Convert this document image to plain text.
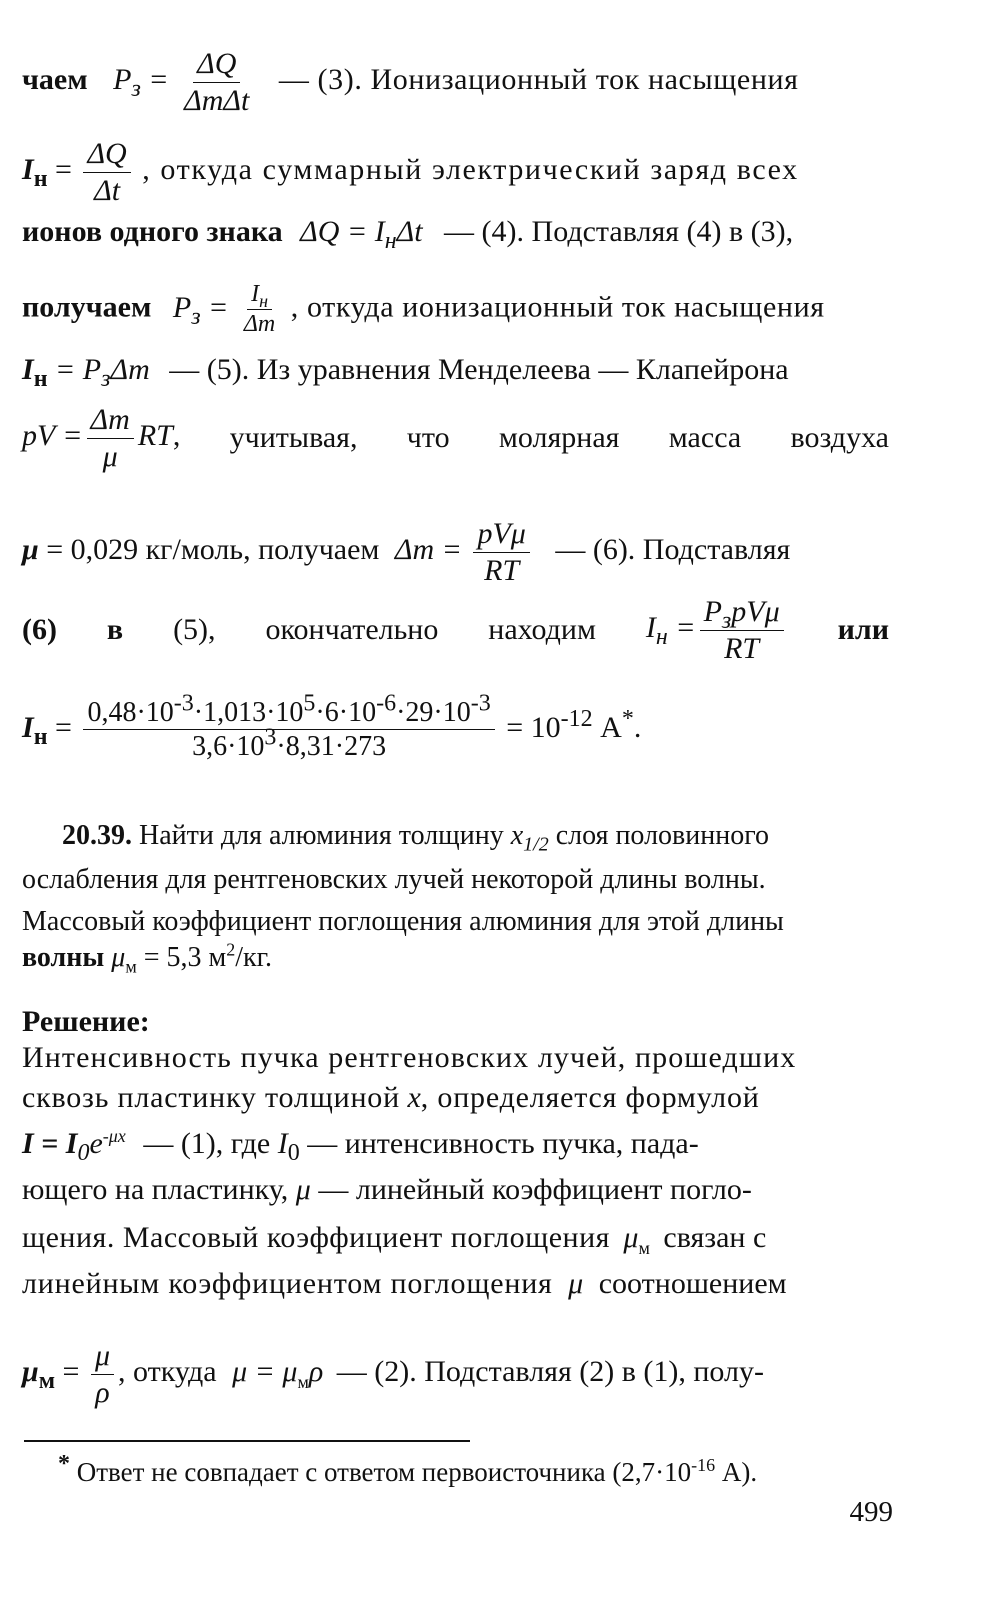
чаем $P_з = \Delta Q$
ΔmΔt
— (3). Ионизационный ток насыщения
$I_н = \frac{\Delta Q}{\Delta t}$ , откуда суммарный электрический заряд всех
ионов одного знака $\Delta Q = I_н\Delta t$ — (4). Подставляя (4) в (3),
получаем $P_з = I_н$
Δm
, откуда ионизационный ток насыщения
$I_н = P_з\Delta m$ — (5). Из уравнения Менделеева — Клапейрона
pV = $\frac{\Delta m}{\mu}$ RT, учитывая, что молярная масса воздуха
μ = 0,029 кг/моль, получаем Δm = pVμ
RT
— (6). Подставляя
(6) в (5), окончательно находим $I_н = P_зpV\mu$
RT
или
$I_н = \frac{0,48\cdot 10^{-3}\cdot 1,013\cdot 10^5\cdot 6\cdot 10^{-6}\cdot 29\cdot 10^{-3}}{3,6\cdot 10^3\cdot 8,31\cdot 273} = 10^{-12}$ А*.
20.39. Найти для алюминия толщину $x_{1/2}$ слоя половинного
ослабления для рентгеновских лучей некоторой длины волны.
Массовый коэффициент поглощения алюминия для этой длины
волны $\mu_м = 5,3$ $м^2/кг$.
Решение:
Интенсивность пучка рентгеновских лучей, прошедших
сквозь пластинку толщиной x, определяется формулой
$I = I_0e^{-\mu x}$ — (1), где $I_0$ — интенсивность пучка, пада-
ющего на пластинку, μ — линейный коэффициент погло-
щения. Массовый коэффициент поглощения $\mu_м$ связан с
линейным коэффициентом поглощения μ соотношением
$\mu_м = \frac{\mu}{\rho}$ , откуда $\mu = \mu_м\rho$ — (2). Подставляя (2) в (1), полу-
* Ответ не совпадает с ответом первоисточника ($2,7\cdot 10^{-16}$ А).
499
